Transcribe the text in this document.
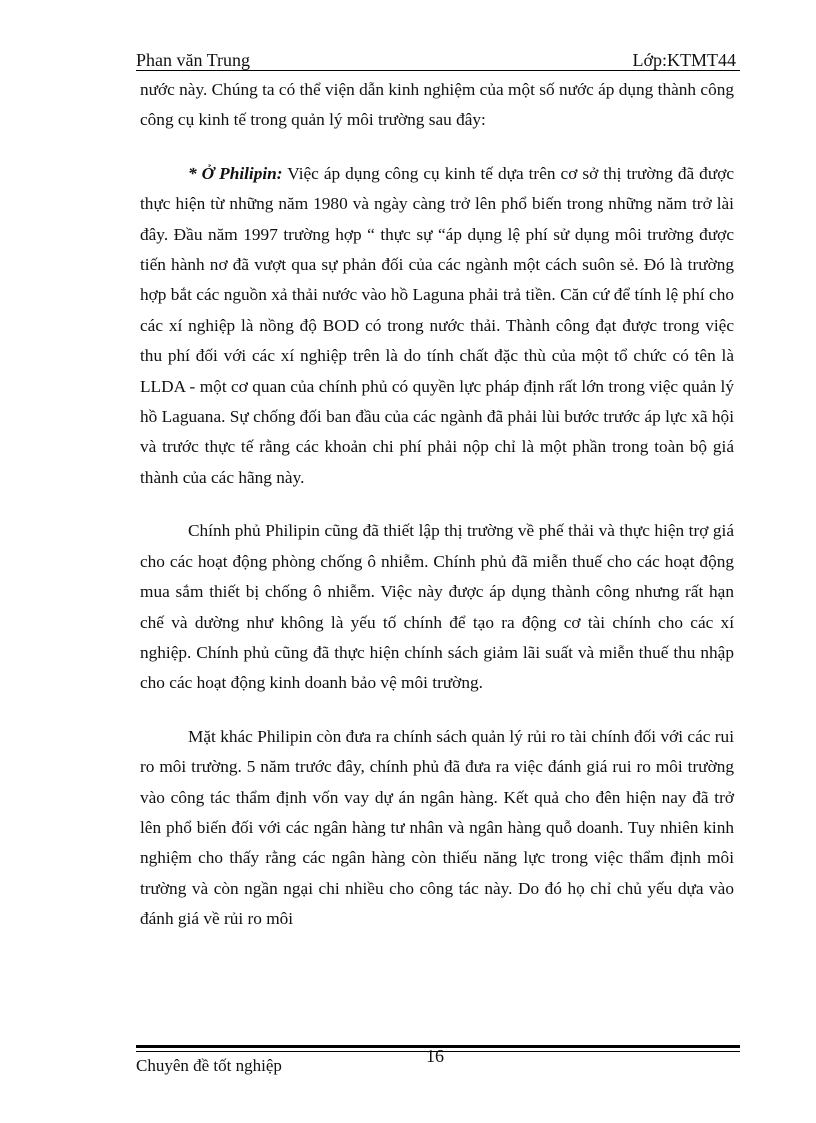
Phan văn Trung	Lớp:KTMT44

nước này. Chúng ta có thể viện dẫn kinh nghiệm của một số nước áp dụng thành công công cụ kinh tế trong quản lý môi trường sau đây:

* Ở Philipin: Việc áp dụng công cụ kinh tế dựa trên cơ sở thị trường đã được thực hiện từ những năm 1980 và ngày càng trở lên phổ biến trong những năm trở lài đây. Đầu năm 1997 trường hợp “ thực sự “áp dụng lệ phí sử dụng môi trường được tiến hành nơ đã vượt qua sự phản đối của các ngành một cách suôn sẻ. Đó là trường hợp bắt các nguồn xả thải nước vào hồ Laguna phải trả tiền. Căn cứ để tính lệ phí cho các xí nghiệp là nồng độ BOD có trong nước thải. Thành công đạt được trong việc thu phí đối với các xí nghiệp trên là do tính chất đặc thù của một tổ chức có tên là LLDA - một cơ quan của chính phủ có quyền lực pháp định rất lớn trong việc quản lý hồ Laguana. Sự chống đối ban đầu của các ngành đã phải lùi bước trước áp lực xã hội và trước thực tế rằng các khoản chi phí phải nộp chỉ là một phần trong toàn bộ giá thành của các hãng này.

Chính phủ Philipin cũng đã thiết lập thị trường về phế thải và thực hiện trợ giá cho các hoạt động phòng chống ô nhiễm. Chính phủ đã miễn thuế cho các hoạt động mua sắm thiết bị chống ô nhiễm. Việc này được áp dụng thành công nhưng rất hạn chế và dường như không là yếu tố chính để tạo ra động cơ tài chính cho các xí nghiệp. Chính phủ cũng đã thực hiện chính sách giảm lãi suất và miễn thuế thu nhập cho các hoạt động kinh doanh bảo vệ môi trường.

Mặt khác Philipin còn đưa ra chính sách quản lý rủi ro tài chính đối với các rui ro môi trường. 5 năm trước đây, chính phủ đã đưa ra việc đánh giá rui ro môi trường vào công tác thẩm định vốn vay dự án ngân hàng. Kết quả cho đên hiện nay đã trở lên phổ biến đối với các ngân hàng tư nhân và ngân hàng quỗ doanh. Tuy nhiên kinh nghiệm cho thấy rằng các ngân hàng còn thiếu năng lực trong việc thẩm định môi trường và còn ngần ngại chi nhiều cho công tác này. Do đó họ chỉ chủ yếu dựa vào đánh giá về rủi ro môi

16
Chuyên đề tốt nghiệp
